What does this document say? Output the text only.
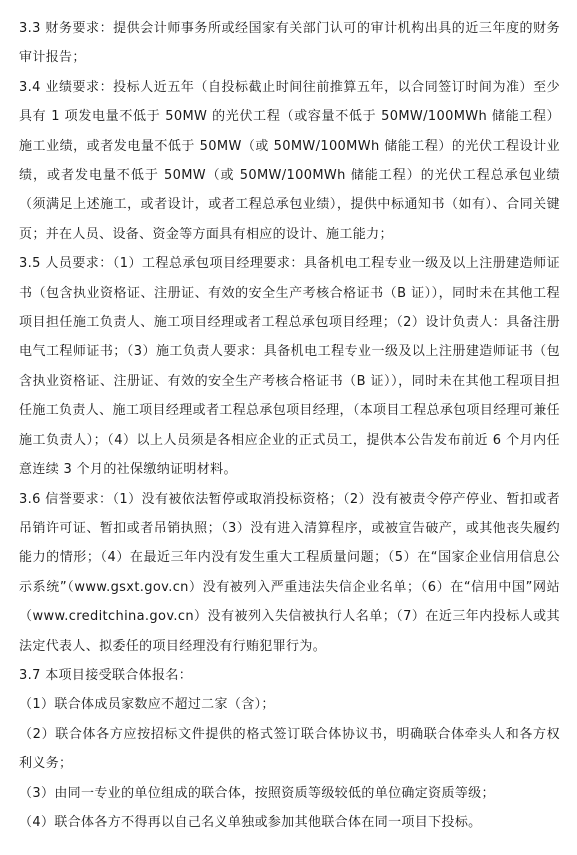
3.3 财务要求：提供会计师事务所或经国家有关部门认可的审计机构出具的近三年度的财务审计报告；

3.4 业绩要求：投标人近五年（自投标截止时间往前推算五年，以合同签订时间为准）至少具有 1 项发电量不低于 50MW 的光伏工程（或容量不低于 50MW/100MWh 储能工程）施工业绩，或者发电量不低于 50MW（或 50MW/100MWh 储能工程）的光伏工程设计业绩，或者发电量不低于 50MW（或 50MW/100MWh 储能工程）的光伏工程总承包业绩（须满足上述施工，或者设计，或者工程总承包业绩），提供中标通知书（如有）、合同关键页；并在人员、设备、资金等方面具有相应的设计、施工能力；

3.5 人员要求：（1）工程总承包项目经理要求：具备机电工程专业一级及以上注册建造师证书（包含执业资格证、注册证、有效的安全生产考核合格证书（B 证）），同时未在其他工程项目担任施工负责人、施工项目经理或者工程总承包项目经理；（2）设计负责人：具备注册电气工程师证书；（3）施工负责人要求：具备机电工程专业一级及以上注册建造师证书（包含执业资格证、注册证、有效的安全生产考核合格证书（B 证）），同时未在其他工程项目担任施工负责人、施工项目经理或者工程总承包项目经理，（本项目工程总承包项目经理可兼任施工负责人）；（4）以上人员须是各相应企业的正式员工，提供本公告发布前近 6 个月内任意连续 3 个月的社保缴纳证明材料。

3.6 信誉要求：（1）没有被依法暂停或取消投标资格；（2）没有被责令停产停业、暂扣或者吊销许可证、暂扣或者吊销执照；（3）没有进入清算程序，或被宣告破产，或其他丧失履约能力的情形；（4）在最近三年内没有发生重大工程质量问题；（5）在“国家企业信用信息公示系统”（www.gsxt.gov.cn）没有被列入严重违法失信企业名单；（6）在“信用中国”网站（www.creditchina.gov.cn）没有被列入失信被执行人名单；（7）在近三年内投标人或其法定代表人、拟委任的项目经理没有行贿犯罪行为。

3.7 本项目接受联合体报名：

（1）联合体成员家数应不超过二家（含）；

（2）联合体各方应按招标文件提供的格式签订联合体协议书，明确联合体牵头人和各方权利义务；

（3）由同一专业的单位组成的联合体，按照资质等级较低的单位确定资质等级；

（4）联合体各方不得再以自己名义单独或参加其他联合体在同一项目下投标。
